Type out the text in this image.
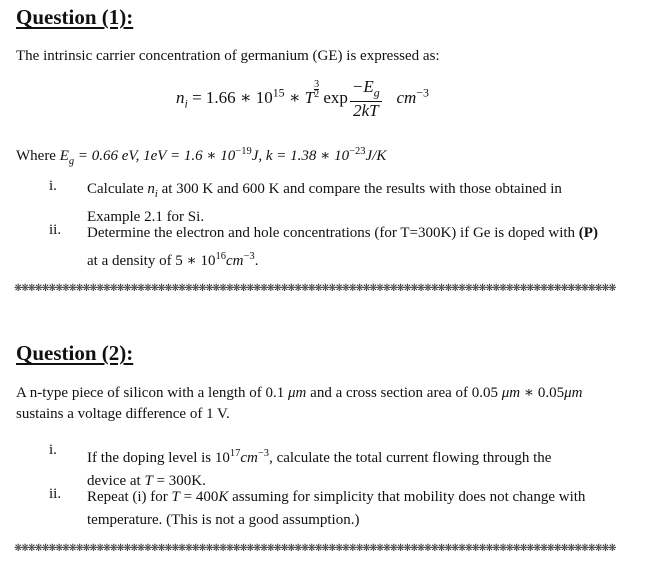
Question (1):
The intrinsic carrier concentration of germanium (GE) is expressed as:
$n_i = 1.66$ ∗ $10^{15}$ ∗ T $\frac{3}{2}$ $\exp \frac{-E_g}{2kT} cm^{-3}$
Where $E_g = 0.66$ eV, 1eV = 1.6 ∗ $10^{-19}J$, k = 1.38 ∗ $10^{-23}J/K$
i. Calculate $n_i$ at 300 K and 600 K and compare the results with those obtained in
Example 2.1 for Si.
ii. Determine the electron and hole concentrations (for T=300K) if Ge is doped with (P)
at a density of 5 ∗ $10^{16}cm^{-3}$.
❋❋❋❋❋❋❋❋❋❋❋❋❋❋❋❋❋❋❋❋❋❋❋❋❋❋❋❋❋❋❋❋❋❋❋❋❋❋❋❋❋❋❋❋❋❋❋❋❋❋❋❋❋❋❋❋❋❋❋❋❋❋❋❋❋❋❋❋❋❋❋❋❋❋❋❋❋❋❋❋❋❋❋❋❋❋❋❋
Question (2):
A n-type piece of silicon with a length of 0.1 μm and a cross section area of 0.05 μm ∗ 0.05μm
sustains a voltage difference of 1 V.
i. If the doping level is $10^{17}cm^{-3}$, calculate the total current flowing through the
device at T = 300K.
ii. Repeat (i) for T = 400K assuming for simplicity that mobility does not change with
temperature. (This is not a good assumption.)
❋❋❋❋❋❋❋❋❋❋❋❋❋❋❋❋❋❋❋❋❋❋❋❋❋❋❋❋❋❋❋❋❋❋❋❋❋❋❋❋❋❋❋❋❋❋❋❋❋❋❋❋❋❋❋❋❋❋❋❋❋❋❋❋❋❋❋❋❋❋❋❋❋❋❋❋❋❋❋❋❋❋❋❋❋❋❋❋
